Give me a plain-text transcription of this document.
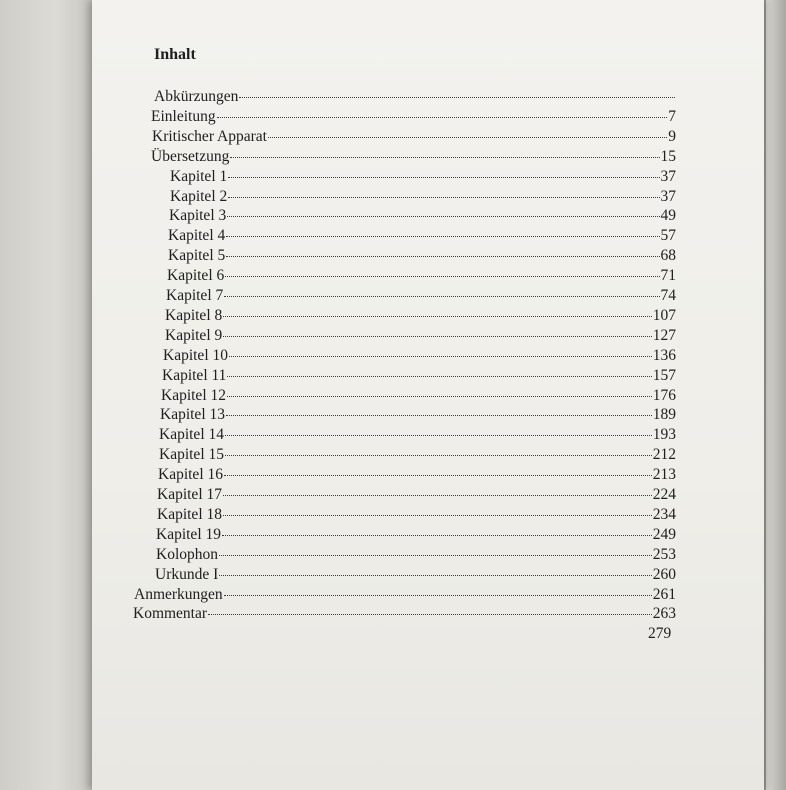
Inhalt
Abkürzungen
Einleitung	7
Kritischer Apparat	9
Übersetzung	15
Kapitel 1	37
Kapitel 2	37
Kapitel 3	49
Kapitel 4	57
Kapitel 5	68
Kapitel 6	71
Kapitel 7	74
Kapitel 8	107
Kapitel 9	127
Kapitel 10	136
Kapitel 11	157
Kapitel 12	176
Kapitel 13	189
Kapitel 14	193
Kapitel 15	212
Kapitel 16	213
Kapitel 17	224
Kapitel 18	234
Kapitel 19	249
Kolophon	253
Urkunde I	260
Anmerkungen	261
Kommentar	263
279
